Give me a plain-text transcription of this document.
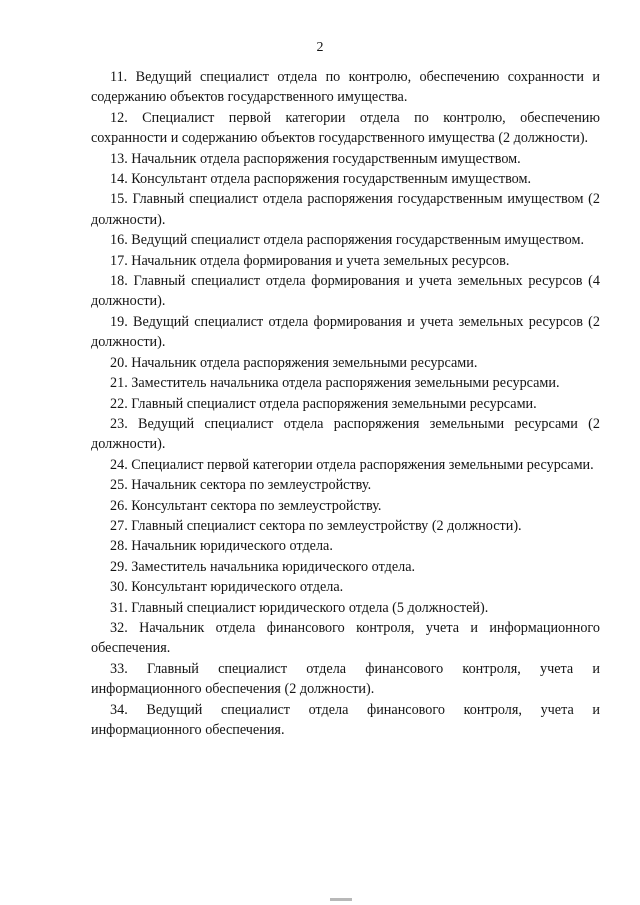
2
11. Ведущий специалист отдела по контролю, обеспечению сохранности и содержанию объектов государственного имущества.
12. Специалист первой категории отдела по контролю, обеспечению сохранности и содержанию объектов государственного имущества (2 должности).
13. Начальник отдела распоряжения государственным имуществом.
14. Консультант отдела распоряжения государственным имуществом.
15. Главный специалист отдела распоряжения государственным имуществом (2 должности).
16. Ведущий специалист отдела распоряжения государственным имуществом.
17. Начальник отдела формирования и учета земельных ресурсов.
18. Главный специалист отдела формирования и учета земельных ресурсов (4 должности).
19. Ведущий специалист отдела формирования и учета земельных ресурсов (2 должности).
20. Начальник отдела распоряжения земельными ресурсами.
21. Заместитель начальника отдела распоряжения земельными ресурсами.
22. Главный специалист отдела распоряжения земельными ресурсами.
23. Ведущий специалист отдела распоряжения земельными ресурсами (2 должности).
24. Специалист первой категории отдела распоряжения земельными ресурсами.
25. Начальник сектора по землеустройству.
26. Консультант сектора по землеустройству.
27. Главный специалист сектора по землеустройству (2 должности).
28. Начальник юридического отдела.
29. Заместитель начальника юридического отдела.
30. Консультант юридического отдела.
31. Главный специалист юридического отдела (5 должностей).
32. Начальник отдела финансового контроля, учета и информационного обеспечения.
33. Главный специалист отдела финансового контроля, учета и информационного обеспечения (2 должности).
34. Ведущий специалист отдела финансового контроля, учета и информационного обеспечения.
